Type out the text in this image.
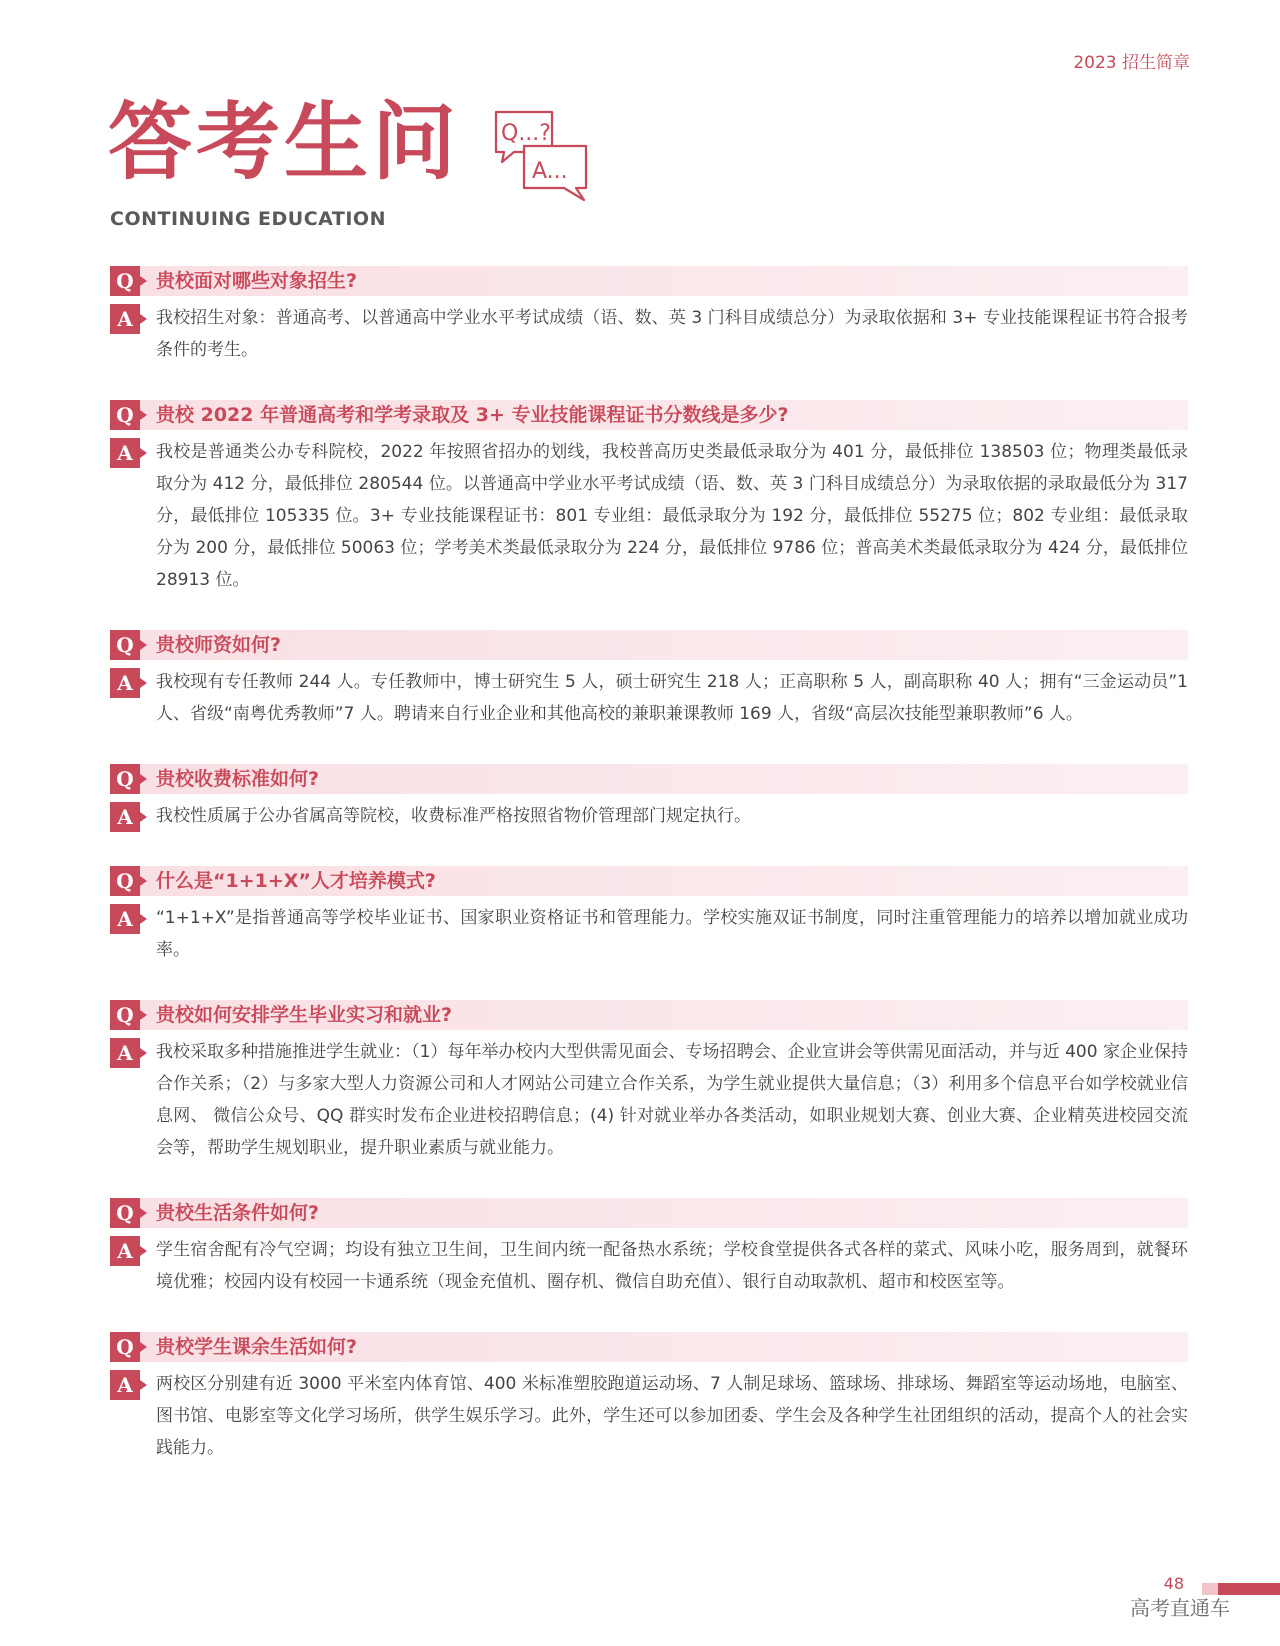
2023 招生简章
答考生问
CONTINUING EDUCATION
Q...?
A...
Q	贵校面对哪些对象招生?
A	我校招生对象：普通高考、以普通高中学业水平考试成绩（语、数、英 3 门科目成绩总分）为录取依据和 3+ 专业技能课程证书符合报考条件的考生。
Q	贵校 2022 年普通高考和学考录取及 3+ 专业技能课程证书分数线是多少?
A	我校是普通类公办专科院校，2022 年按照省招办的划线，我校普高历史类最低录取分为 401 分，最低排位 138503 位；物理类最低录取分为 412 分，最低排位 280544 位。以普通高中学业水平考试成绩（语、数、英 3 门科目成绩总分）为录取依据的录取最低分为 317 分，最低排位 105335 位。3+ 专业技能课程证书：801 专业组：最低录取分为 192 分，最低排位 55275 位；802 专业组：最低录取分为 200 分，最低排位 50063 位；学考美术类最低录取分为 224 分，最低排位 9786 位；普高美术类最低录取分为 424 分，最低排位 28913 位。
Q	贵校师资如何?
A	我校现有专任教师 244 人。专任教师中，博士研究生 5 人，硕士研究生 218 人；正高职称 5 人，副高职称 40 人；拥有“三金运动员”1 人、省级“南粤优秀教师”7 人。聘请来自行业企业和其他高校的兼职兼课教师 169 人，省级“高层次技能型兼职教师”6 人。
Q	贵校收费标准如何?
A	我校性质属于公办省属高等院校，收费标准严格按照省物价管理部门规定执行。
Q	什么是“1+1+X”人才培养模式?
A	“1+1+X”是指普通高等学校毕业证书、国家职业资格证书和管理能力。学校实施双证书制度，同时注重管理能力的培养以增加就业成功率。
Q	贵校如何安排学生毕业实习和就业?
A	我校采取多种措施推进学生就业：（1）每年举办校内大型供需见面会、专场招聘会、企业宣讲会等供需见面活动，并与近 400 家企业保持合作关系；（2）与多家大型人力资源公司和人才网站公司建立合作关系，为学生就业提供大量信息；（3）利用多个信息平台如学校就业信息网、 微信公众号、QQ 群实时发布企业进校招聘信息；(4) 针对就业举办各类活动，如职业规划大赛、创业大赛、企业精英进校园交流会等，帮助学生规划职业，提升职业素质与就业能力。
Q	贵校生活条件如何?
A	学生宿舍配有冷气空调；均设有独立卫生间，卫生间内统一配备热水系统；学校食堂提供各式各样的菜式、风味小吃，服务周到，就餐环境优雅；校园内设有校园一卡通系统（现金充值机、圈存机、微信自助充值）、银行自动取款机、超市和校医室等。
Q	贵校学生课余生活如何?
A	两校区分别建有近 3000 平米室内体育馆、400 米标准塑胶跑道运动场、7 人制足球场、篮球场、排球场、舞蹈室等运动场地，电脑室、图书馆、电影室等文化学习场所，供学生娱乐学习。此外，学生还可以参加团委、学生会及各种学生社团组织的活动，提高个人的社会实践能力。
48
高考直通车
